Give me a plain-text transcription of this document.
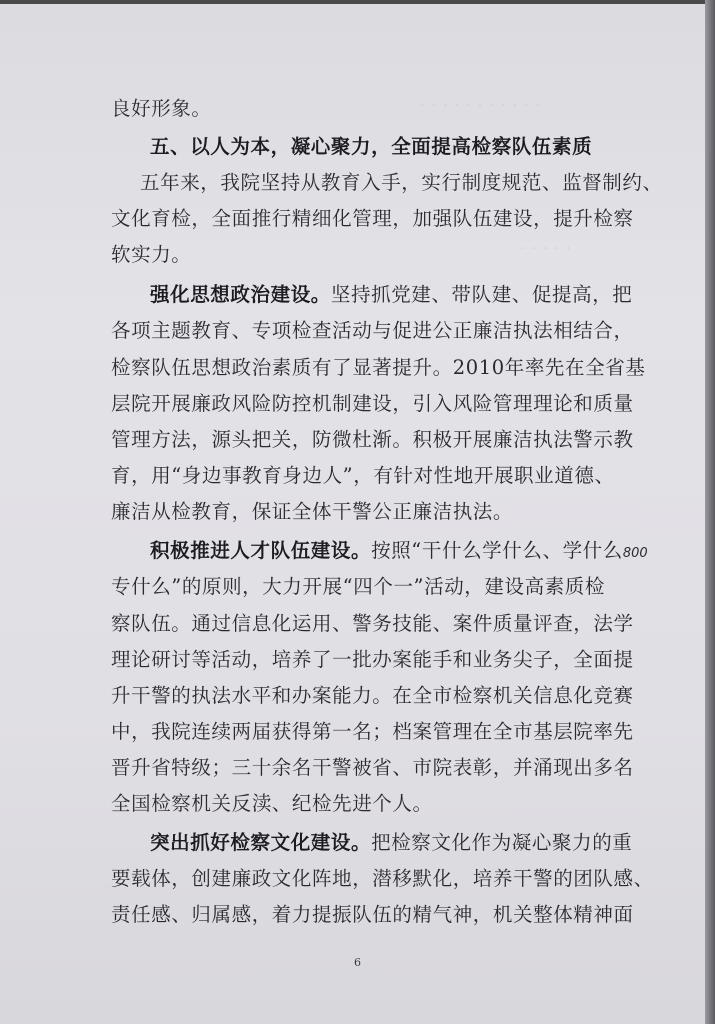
· · · · · · · · · · ·
· · · · ·
良好形象。
五、以人为本，凝心聚力，全面提高检察队伍素质
五年来，我院坚持从教育入手，实行制度规范、监督制约、
文化育检，全面推行精细化管理，加强队伍建设，提升检察
软实力。
强化思想政治建设。坚持抓党建、带队建、促提高，把
各项主题教育、专项检查活动与促进公正廉洁执法相结合，
检察队伍思想政治素质有了显著提升。2010年率先在全省基
层院开展廉政风险防控机制建设，引入风险管理理论和质量
管理方法，源头把关，防微杜渐。积极开展廉洁执法警示教
育，用“身边事教育身边人”，有针对性地开展职业道德、
廉洁从检教育，保证全体干警公正廉洁执法。
积极推进人才队伍建设。按照“干什么学什么、学什么800
专什么”的原则，大力开展“四个一”活动，建设高素质检
察队伍。通过信息化运用、警务技能、案件质量评查，法学
理论研讨等活动，培养了一批办案能手和业务尖子，全面提
升干警的执法水平和办案能力。在全市检察机关信息化竞赛
中，我院连续两届获得第一名；档案管理在全市基层院率先
晋升省特级；三十余名干警被省、市院表彰，并涌现出多名
全国检察机关反渎、纪检先进个人。
突出抓好检察文化建设。把检察文化作为凝心聚力的重
要载体，创建廉政文化阵地，潜移默化，培养干警的团队感、
责任感、归属感，着力提振队伍的精气神，机关整体精神面
6
